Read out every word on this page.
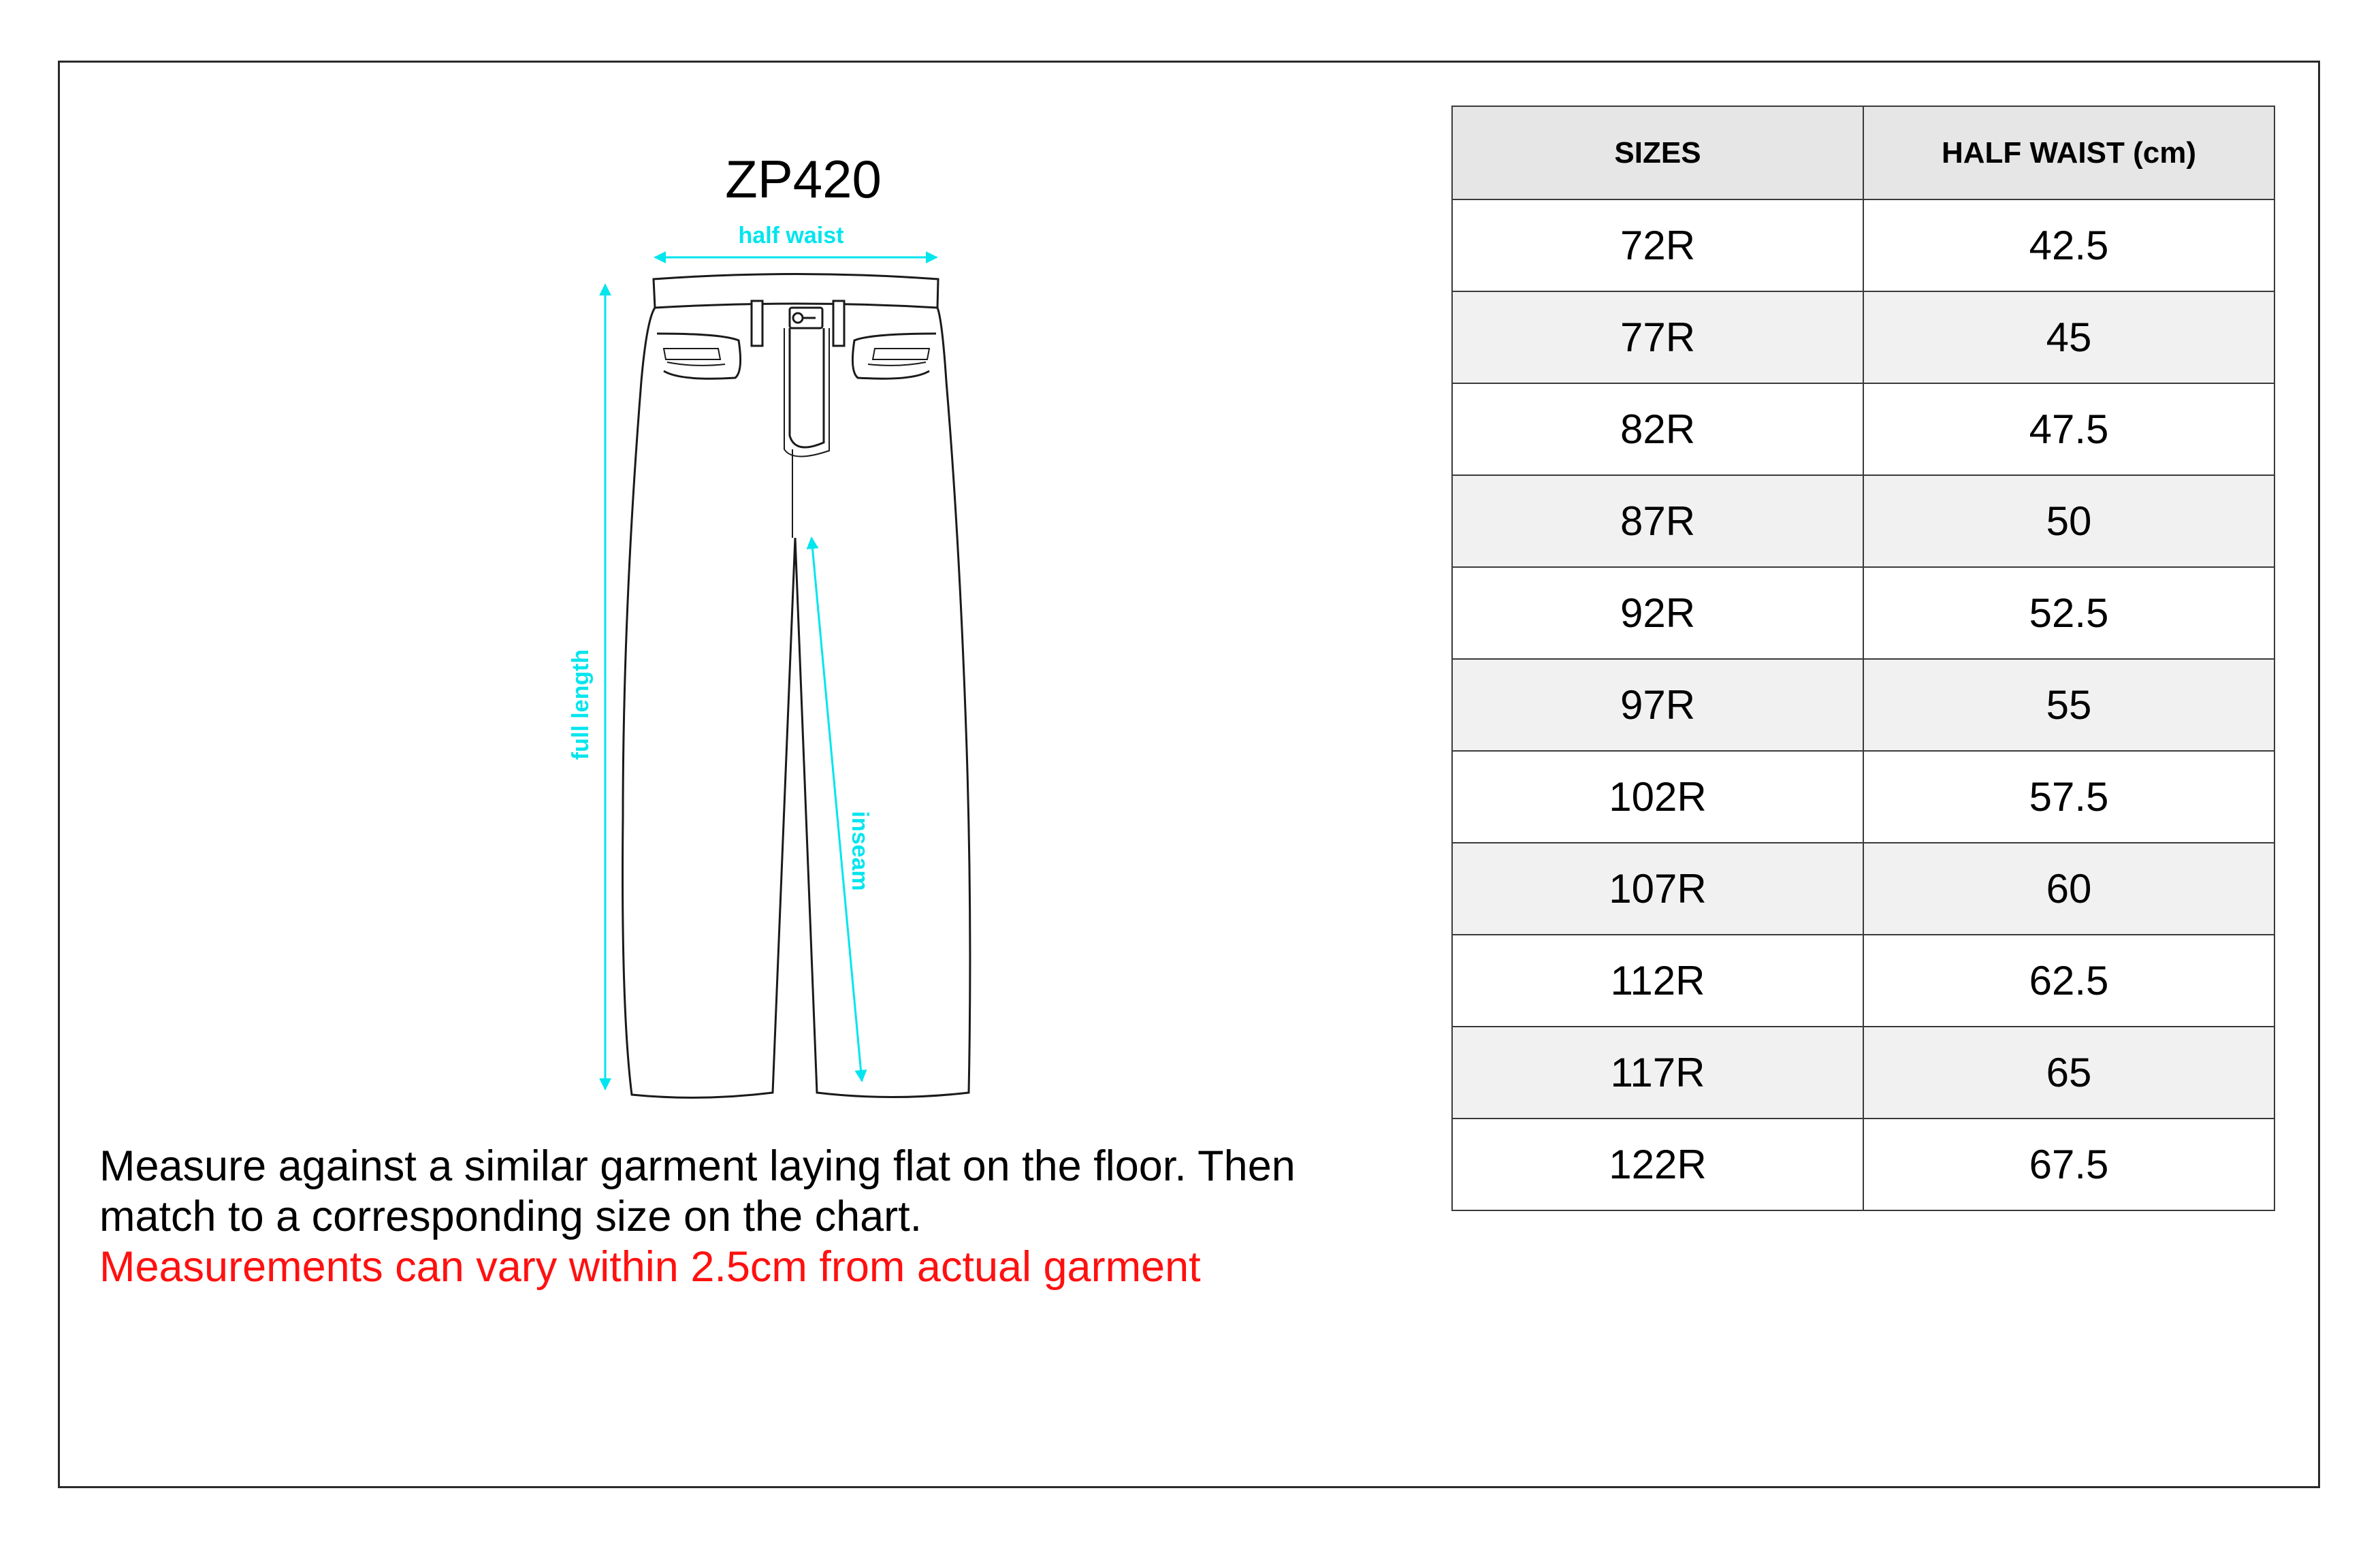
ZP420
half waist
full length
inseam
Measure against a similar garment laying flat on the floor. Then
match to a corresponding size on the chart.
Measurements can vary within 2.5cm from actual garment
SIZES	HALF WAIST (cm)
72R	42.5
77R	45
82R	47.5
87R	50
92R	52.5
97R	55
102R	57.5
107R	60
112R	62.5
117R	65
122R	67.5
